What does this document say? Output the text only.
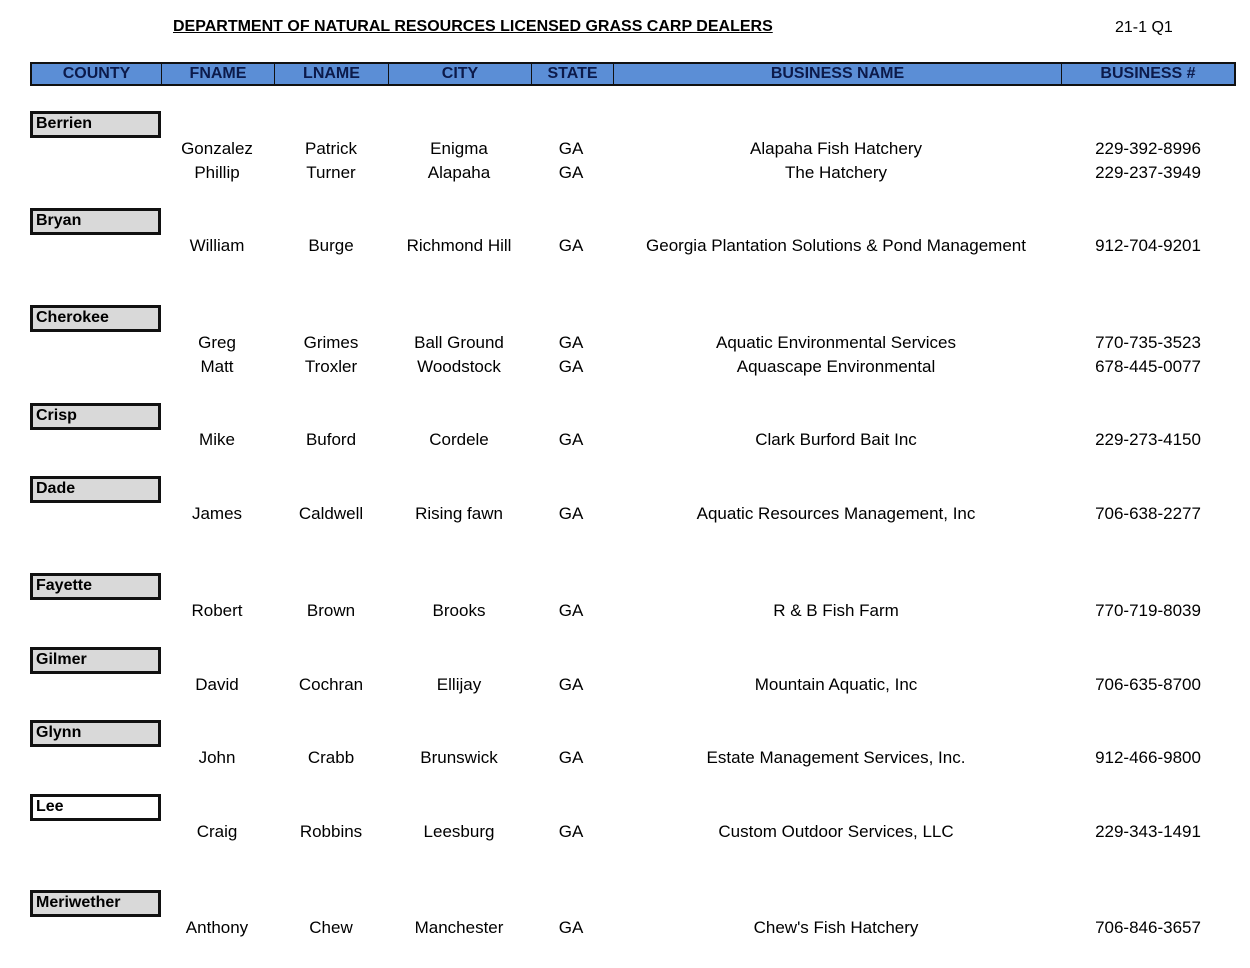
DEPARTMENT OF NATURAL RESOURCES LICENSED GRASS CARP DEALERS	21-1 Q1
COUNTY	FNAME	LNAME	CITY	STATE	BUSINESS NAME	BUSINESS #
Berrien
Gonzalez	Patrick	Enigma	GA	Alapaha Fish Hatchery	229-392-8996
Phillip	Turner	Alapaha	GA	The Hatchery	229-237-3949
Bryan
William	Burge	Richmond Hill	GA	Georgia Plantation Solutions & Pond Management	912-704-9201
Cherokee
Greg	Grimes	Ball Ground	GA	Aquatic Environmental Services	770-735-3523
Matt	Troxler	Woodstock	GA	Aquascape Environmental	678-445-0077
Crisp
Mike	Buford	Cordele	GA	Clark Burford Bait Inc	229-273-4150
Dade
James	Caldwell	Rising fawn	GA	Aquatic Resources Management, Inc	706-638-2277
Fayette
Robert	Brown	Brooks	GA	R & B Fish Farm	770-719-8039
Gilmer
David	Cochran	Ellijay	GA	Mountain Aquatic, Inc	706-635-8700
Glynn
John	Crabb	Brunswick	GA	Estate Management Services, Inc.	912-466-9800
Lee
Craig	Robbins	Leesburg	GA	Custom Outdoor Services, LLC	229-343-1491
Meriwether
Anthony	Chew	Manchester	GA	Chew's Fish Hatchery	706-846-3657
